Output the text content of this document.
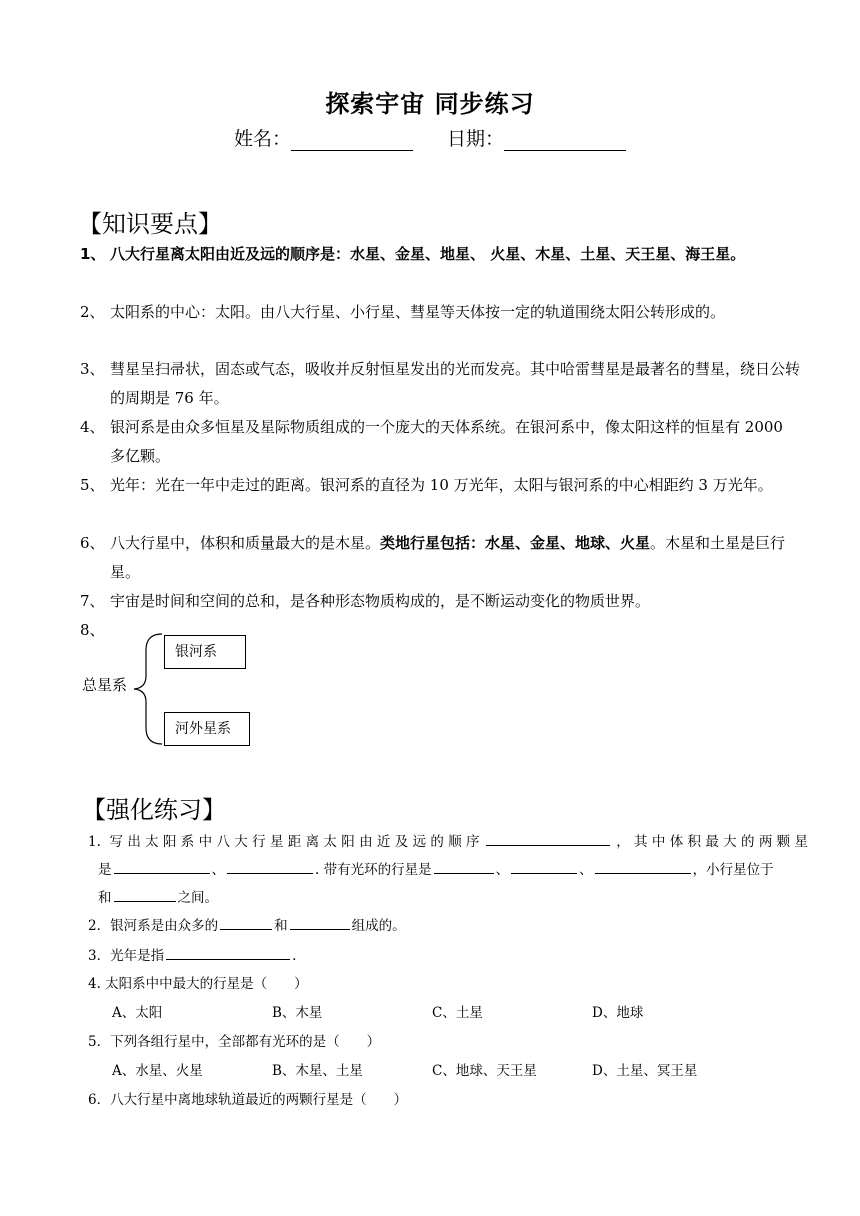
探索宇宙 同步练习
姓名：	日期：
【知识要点】
1、 八大行星离太阳由近及远的顺序是：水星、金星、地星、 火星、木星、土星、天王星、海王星。
2、 太阳系的中心：太阳。由八大行星、小行星、彗星等天体按一定的轨道围绕太阳公转形成的。
3、 彗星呈扫帚状，固态或气态，吸收并反射恒星发出的光而发亮。其中哈雷彗星是最著名的彗星，绕日公转的周期是 76 年。
4、 银河系是由众多恒星及星际物质组成的一个庞大的天体系统。在银河系中，像太阳这样的恒星有 2000 多亿颗。
5、 光年：光在一年中走过的距离。银河系的直径为 10 万光年，太阳与银河系的中心相距约 3 万光年。
6、 八大行星中，体积和质量最大的是木星。类地行星包括：水星、金星、地球、火星。木星和土星是巨行星。
7、 宇宙是时间和空间的总和，是各种形态物质构成的，是不断运动变化的物质世界。
8、
总星系
银河系
河外星系
【强化练习】
1. 写出太阳系中八大行星距离太阳由近及远的顺序	，其中体积最大的两颗星
是	、	. 带有光环的行星是	、	、	，小行星位于
和	之间。
2．银河系是由众多的	和	组成的。
3．光年是指	.
4. 太阳系中中最大的行星是（　　）
A、太阳	B、木星	C、土星	D、地球
5．下列各组行星中，全部都有光环的是（　　）
A、水星、火星	B、木星、土星	C、地球、天王星	D、土星、冥王星
6．八大行星中离地球轨道最近的两颗行星是（　　）
